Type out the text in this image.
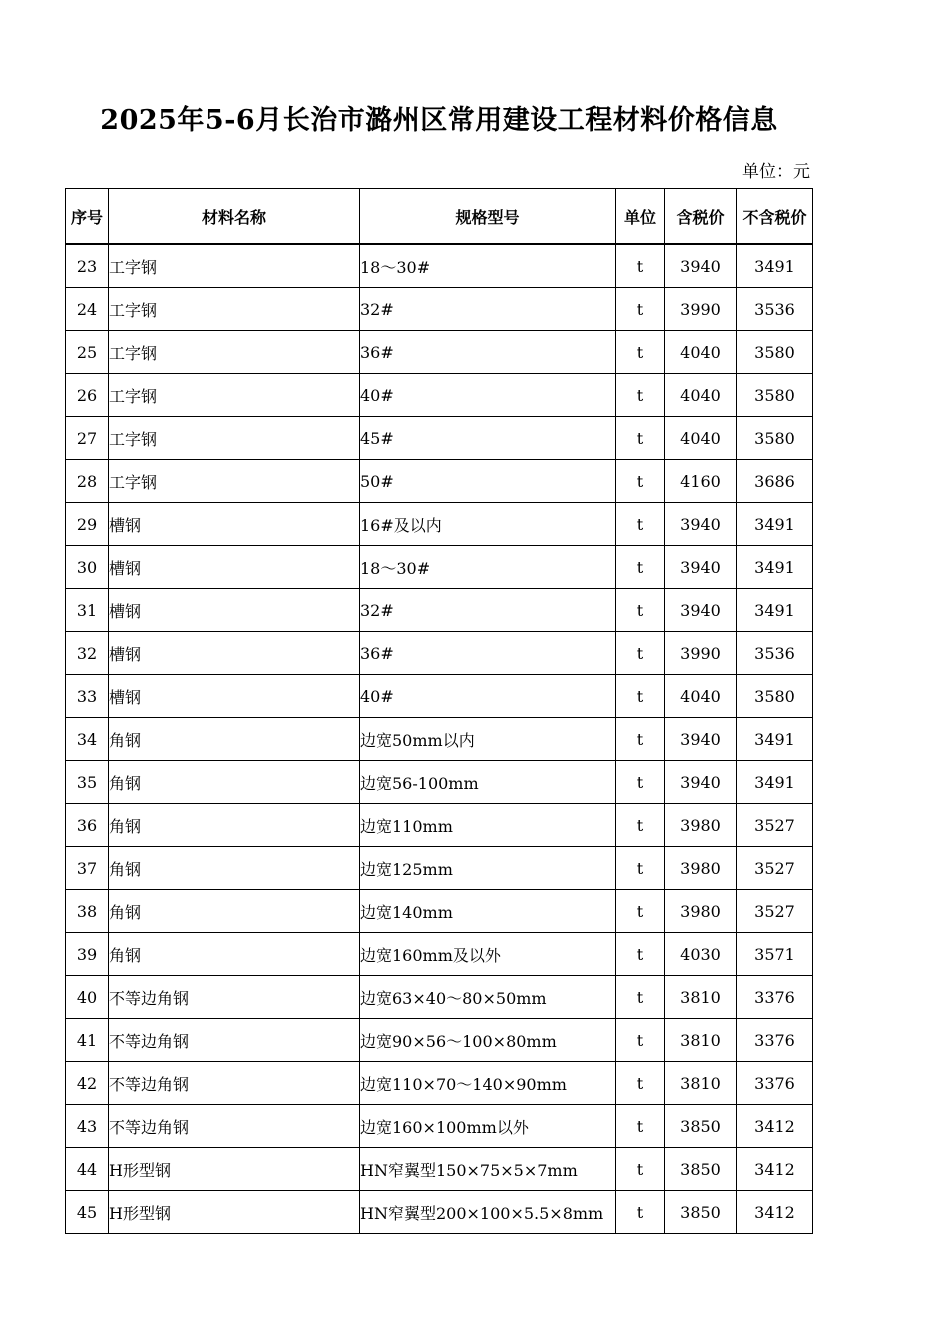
2025年5-6月长治市潞州区常用建设工程材料价格信息
单位：元
序号	材料名称	规格型号	单位	含税价	不含税价
23	工字钢	18～30#	t	3940	3491
24	工字钢	32#	t	3990	3536
25	工字钢	36#	t	4040	3580
26	工字钢	40#	t	4040	3580
27	工字钢	45#	t	4040	3580
28	工字钢	50#	t	4160	3686
29	槽钢	16#及以内	t	3940	3491
30	槽钢	18～30#	t	3940	3491
31	槽钢	32#	t	3940	3491
32	槽钢	36#	t	3990	3536
33	槽钢	40#	t	4040	3580
34	角钢	边宽50mm以内	t	3940	3491
35	角钢	边宽56-100mm	t	3940	3491
36	角钢	边宽110mm	t	3980	3527
37	角钢	边宽125mm	t	3980	3527
38	角钢	边宽140mm	t	3980	3527
39	角钢	边宽160mm及以外	t	4030	3571
40	不等边角钢	边宽63×40～80×50mm	t	3810	3376
41	不等边角钢	边宽90×56～100×80mm	t	3810	3376
42	不等边角钢	边宽110×70～140×90mm	t	3810	3376
43	不等边角钢	边宽160×100mm以外	t	3850	3412
44	H形型钢	HN窄翼型150×75×5×7mm	t	3850	3412
45	H形型钢	HN窄翼型200×100×5.5×8mm	t	3850	3412
